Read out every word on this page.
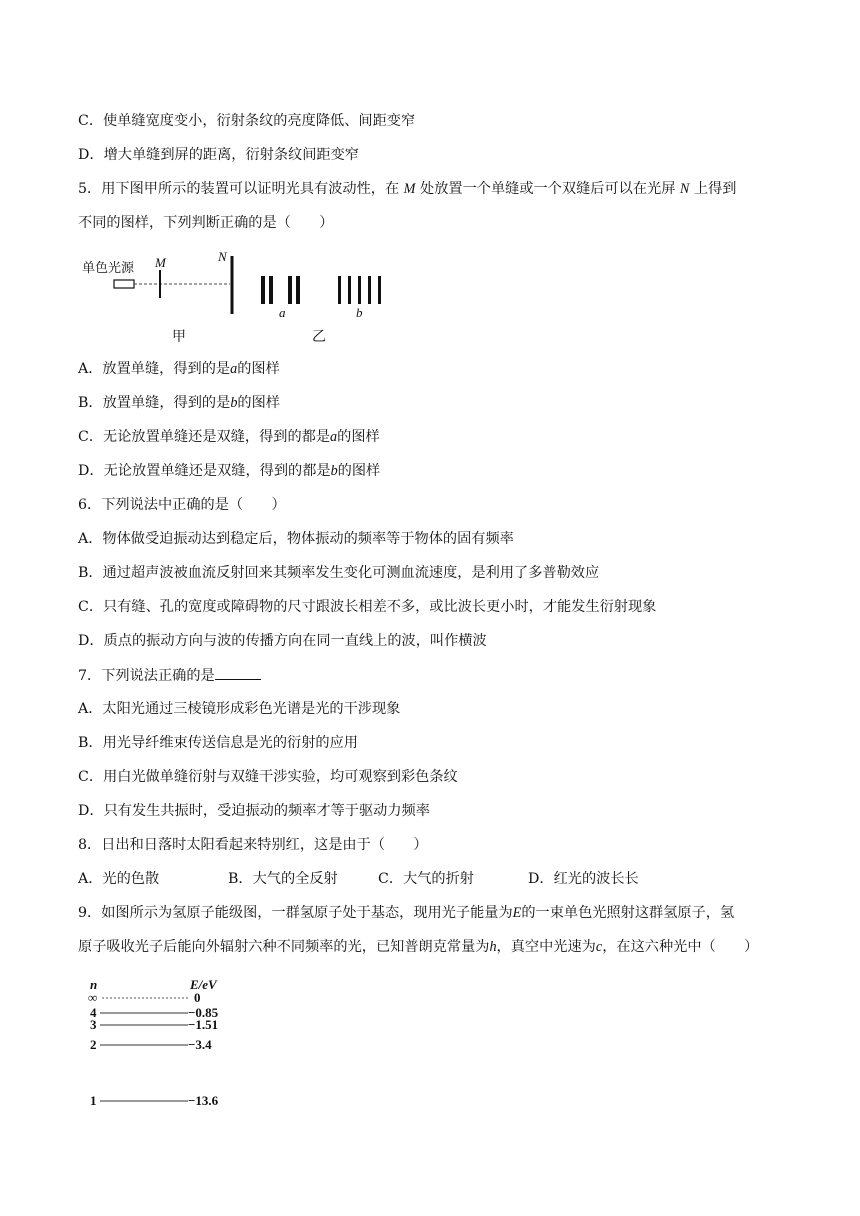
C．使单缝宽度变小，衍射条纹的亮度降低、间距变窄
D．增大单缝到屏的距离，衍射条纹间距变窄
5．用下图甲所示的装置可以证明光具有波动性，在 M 处放置一个单缝或一个双缝后可以在光屏 N 上得到
不同的图样，下列判断正确的是（　　）
单色光源 M	N
a	b
甲	乙
A．放置单缝，得到的是a的图样
B．放置单缝，得到的是b的图样
C．无论放置单缝还是双缝，得到的都是a的图样
D．无论放置单缝还是双缝，得到的都是b的图样
6．下列说法中正确的是（　　）
A．物体做受迫振动达到稳定后，物体振动的频率等于物体的固有频率
B．通过超声波被血流反射回来其频率发生变化可测血流速度，是利用了多普勒效应
C．只有缝、孔的宽度或障碍物的尺寸跟波长相差不多，或比波长更小时，才能发生衍射现象
D．质点的振动方向与波的传播方向在同一直线上的波，叫作横波
7．下列说法正确的是
A．太阳光通过三棱镜形成彩色光谱是光的干涉现象
B．用光导纤维束传送信息是光的衍射的应用
C．用白光做单缝衍射与双缝干涉实验，均可观察到彩色条纹
D．只有发生共振时，受迫振动的频率才等于驱动力频率
8．日出和日落时太阳看起来特别红，这是由于（　　）
A．光的色散	B．大气的全反射	C．大气的折射	D．红光的波长长
9．如图所示为氢原子能级图，一群氢原子处于基态，现用光子能量为E的一束单色光照射这群氢原子，氢
原子吸收光子后能向外辐射六种不同频率的光，已知普朗克常量为h，真空中光速为c，在这六种光中（　　）
n	E/eV
∞	0
4	−0.85
3	−1.51
2	−3.4
1	−13.6
